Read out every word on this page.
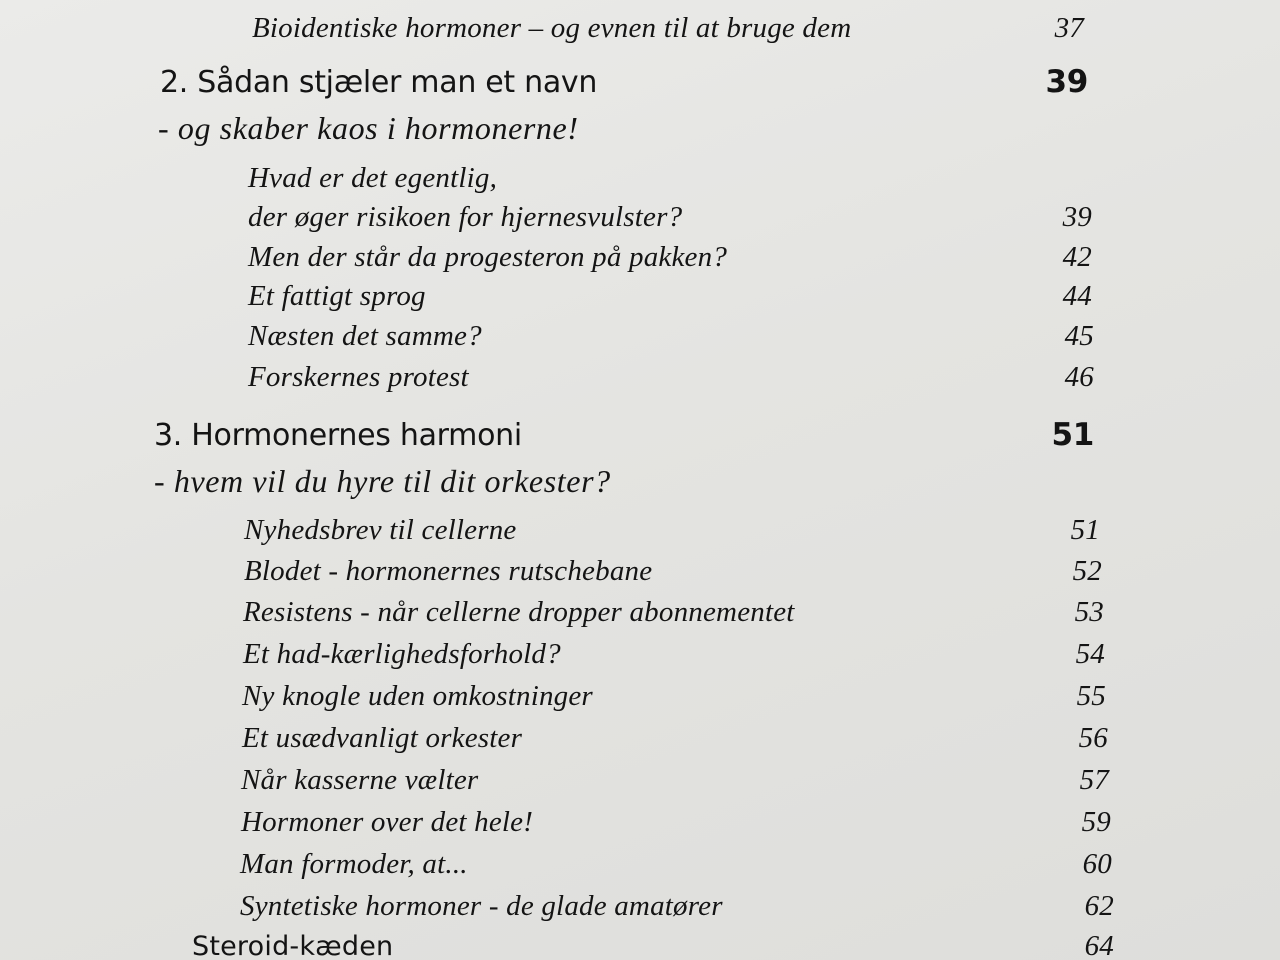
Bioidentiske hormoner – og evnen til at bruge dem	37
2. Sådan stjæler man et navn	39
- og skaber kaos i hormonerne!
Hvad er det egentlig,
der øger risikoen for hjernesvulster?	39
Men der står da progesteron på pakken?	42
Et fattigt sprog	44
Næsten det samme?	45
Forskernes protest	46
3. Hormonernes harmoni	51
- hvem vil du hyre til dit orkester?
Nyhedsbrev til cellerne	51
Blodet - hormonernes rutschebane	52
Resistens - når cellerne dropper abonnementet	53
Et had-kærlighedsforhold?	54
Ny knogle uden omkostninger	55
Et usædvanligt orkester	56
Når kasserne vælter	57
Hormoner over det hele!	59
Man formoder, at...	60
Syntetiske hormoner - de glade amatører	62
Steroid-kæden	64
